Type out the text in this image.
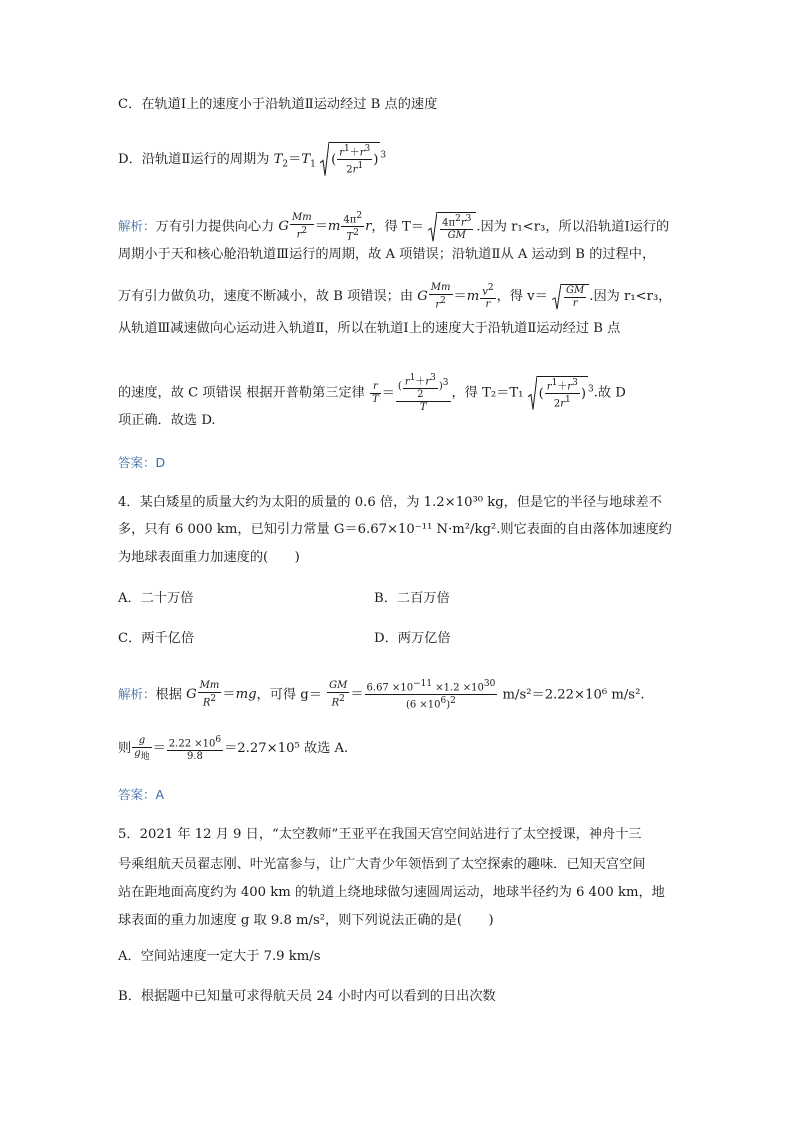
C．在轨道Ⅰ上的速度小于沿轨道Ⅱ运动经过 B 点的速度
D．沿轨道Ⅱ运行的周期为 $T_2=T_1$ ( $\frac{r^1+r^3}{2r^1}$ ) $^3$
解析：万有引力提供向心力 G $\frac{Mm}{r^2} =m \frac{4\pi^2}{T^2}$ r，得 $T= \frac{4\pi^2r^3}{GM}$ .因为 r₁<r₃，所以沿轨道Ⅰ运行的
周期小于天和核心舱沿轨道Ⅲ运行的周期，故 A 项错误；沿轨道Ⅱ从 A 运动到 B 的过程中，
万有引力做负功，速度不断减小，故 B 项错误；由 G $\frac{Mm}{r^2} =m \frac{v^2}{r}$ ，得 $v= \frac{GM}{r}$ .因为 r₁<r₃，
从轨道Ⅲ减速做向心运动进入轨道Ⅱ，所以在轨道Ⅰ上的速度大于沿轨道Ⅱ运动经过 B 点
的速度，故 C 项错误 根据开普勒第三定律 $\frac{r}{T} = \frac{( \frac{r^1+r^3}{2} )^3}{T}$ ，得 T₂＝T₁ ( $\frac{r^1+r^3}{2r^1}$ ) $^3$.故 D
项正确．故选 D.
答案：D
4．某白矮星的质量大约为太阳的质量的 0.6 倍，为 1.2×10³⁰ kg，但是它的半径与地球差不
多，只有 6 000 km，已知引力常量 G＝6.67×10⁻¹¹ N·m²/kg².则它表面的自由落体加速度约
为地球表面重力加速度的(　　)
A．二十万倍	B．二百万倍
C．两千亿倍	D．两万亿倍
解析：根据 G $\frac{Mm}{R^2} =mg$，可得 $g= \frac{GM}{R^2} = \frac{6.67 \times 10^{-11} \times 1.2 \times 10^{30}}{(6 \times 10^6)^2} m/s^2=2.22\times 10^6$ m/s².
则 $\frac{g}{g_地} = \frac{2.22 \times 10^6}{9.8} =2.27\times 10^5$ 故选 A.
答案：A
5．2021 年 12 月 9 日，“太空教师”王亚平在我国天宫空间站进行了太空授课，神舟十三
号乘组航天员翟志刚、叶光富参与，让广大青少年领悟到了太空探索的趣味．已知天宫空间
站在距地面高度约为 400 km 的轨道上绕地球做匀速圆周运动，地球半径约为 6 400 km，地
球表面的重力加速度 g 取 9.8 m/s²，则下列说法正确的是(　　)
A．空间站速度一定大于 7.9 km/s
B．根据题中已知量可求得航天员 24 小时内可以看到的日出次数
